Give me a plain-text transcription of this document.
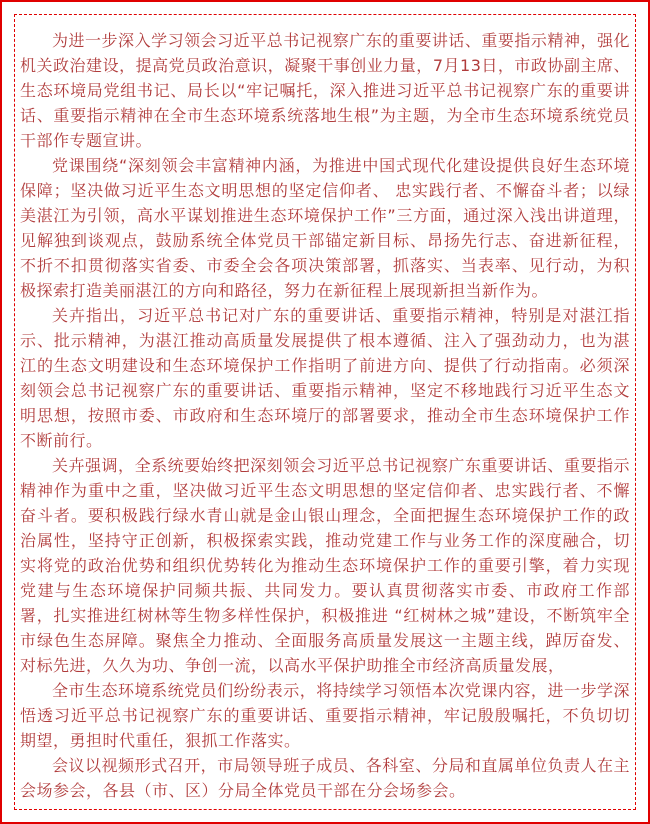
为进一步深入学习领会习近平总书记视察广东的重要讲话、重要指示精神，强化机关政治建设，提高党员政治意识，凝聚干事创业力量，7月13日，市政协副主席、生态环境局党组书记、局长以“牢记嘱托，深入推进习近平总书记视察广东的重要讲话、重要指示精神在全市生态环境系统落地生根”为主题，为全市生态环境系统党员干部作专题宣讲。

党课围绕“深刻领会丰富精神内涵，为推进中国式现代化建设提供良好生态环境保障；坚决做习近平生态文明思想的坚定信仰者、 忠实践行者、不懈奋斗者；以绿美湛江为引领，高水平谋划推进生态环境保护工作”三方面，通过深入浅出讲道理，见解独到谈观点，鼓励系统全体党员干部锚定新目标、昂扬先行志、奋进新征程，不折不扣贯彻落实省委、市委全会各项决策部署，抓落实、当表率、见行动，为积极探索打造美丽湛江的方向和路径，努力在新征程上展现新担当新作为。

关卉指出，习近平总书记对广东的重要讲话、重要指示精神，特别是对湛江指示、批示精神，为湛江推动高质量发展提供了根本遵循、注入了强劲动力，也为湛江的生态文明建设和生态环境保护工作指明了前进方向、提供了行动指南。必须深刻领会总书记视察广东的重要讲话、重要指示精神，坚定不移地践行习近平生态文明思想，按照市委、市政府和生态环境厅的部署要求，推动全市生态环境保护工作不断前行。

关卉强调，全系统要始终把深刻领会习近平总书记视察广东重要讲话、重要指示精神作为重中之重，坚决做习近平生态文明思想的坚定信仰者、忠实践行者、不懈奋斗者。要积极践行绿水青山就是金山银山理念，全面把握生态环境保护工作的政治属性，坚持守正创新，积极探索实践，推动党建工作与业务工作的深度融合，切实将党的政治优势和组织优势转化为推动生态环境保护工作的重要引擎，着力实现党建与生态环境保护同频共振、共同发力。要认真贯彻落实市委、市政府工作部署，扎实推进红树林等生物多样性保护，积极推进 “红树林之城”建设，不断筑牢全市绿色生态屏障。聚焦全力推动、全面服务高质量发展这一主题主线，踔厉奋发、对标先进，久久为功、争创一流，以高水平保护助推全市经济高质量发展，

全市生态环境系统党员们纷纷表示，将持续学习领悟本次党课内容，进一步学深悟透习近平总书记视察广东的重要讲话、重要指示精神，牢记殷殷嘱托，不负切切期望，勇担时代重任，狠抓工作落实。

会议以视频形式召开，市局领导班子成员、各科室、分局和直属单位负责人在主会场参会，各县（市、区）分局全体党员干部在分会场参会。
